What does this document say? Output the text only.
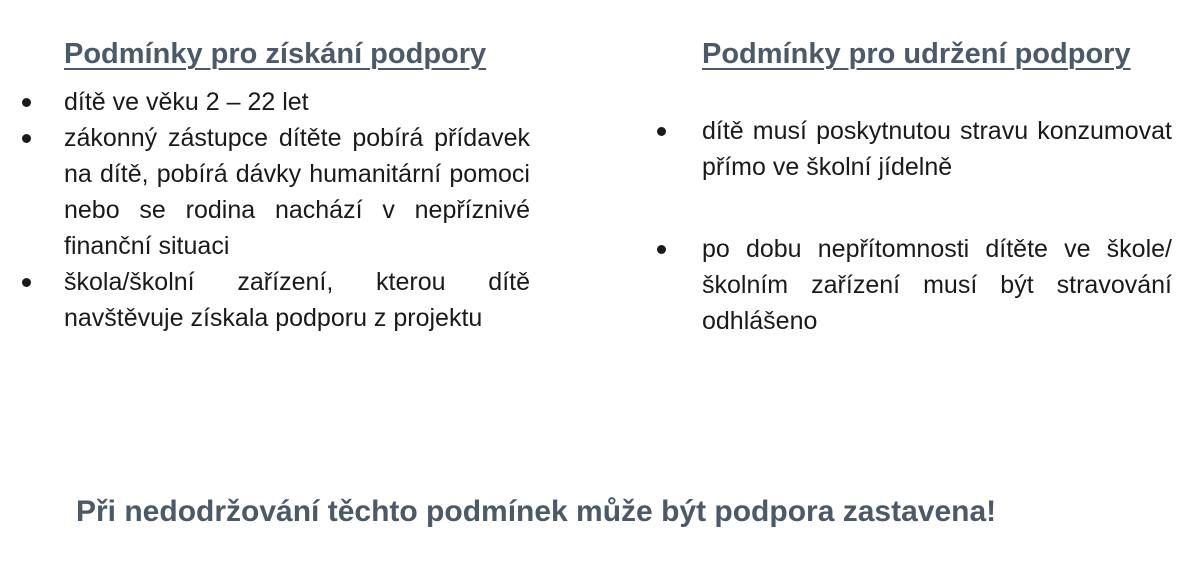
Podmínky pro získání podpory
dítě ve věku 2 – 22 let
zákonný zástupce dítěte pobírá přídavek na dítě, pobírá dávky humanitární pomoci nebo se rodina nachází v nepříznivé finanční situaci
škola/školní zařízení, kterou dítě navštěvuje získala podporu z projektu
Podmínky pro udržení podpory
dítě musí poskytnutou stravu konzumovat přímo ve školní jídelně
po dobu nepřítomnosti dítěte ve škole/školním zařízení musí být stravování odhlášeno

Při nedodržování těchto podmínek může být podpora zastavena!
